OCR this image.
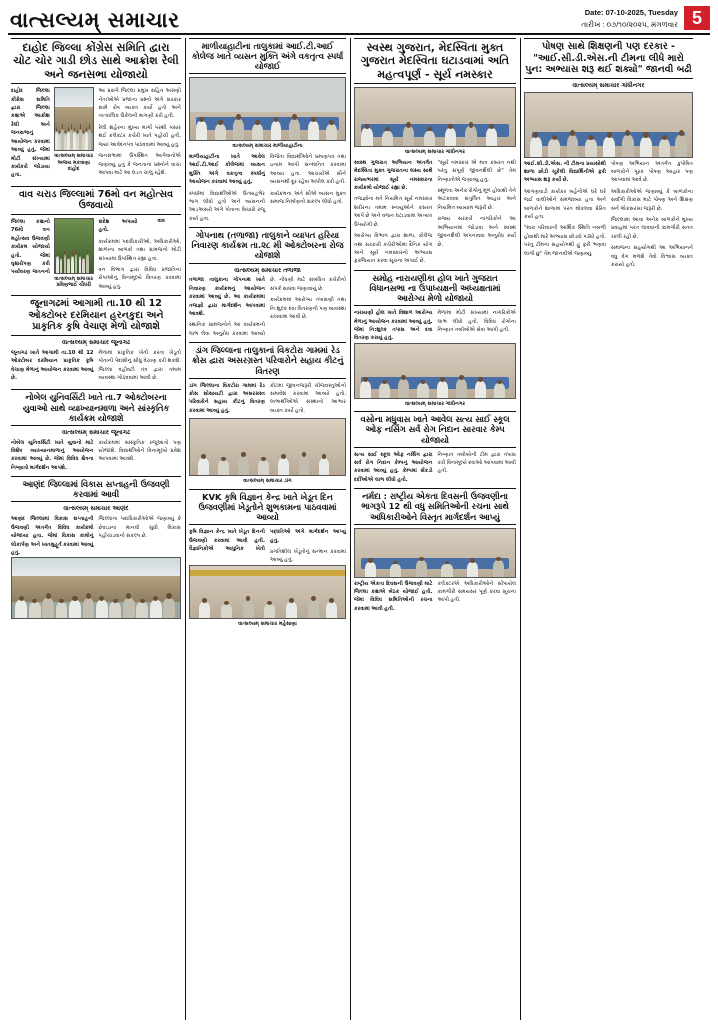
વાત્સલ્યમ્ સમાચાર	Date: 07-10-2025, Tuesday
તારીખ : ૦૭/૧૦/૨૦૨૫, મંગળવાર 5
દાહોદ જિલ્લા કોંગ્રેસ સમિતિ દ્વારા ચોટ ચોર ગાડી છોડ સાથે આક્રોશ રેલી અને જનસભા યોજાયો
વાત્સલ્યમ્ સમાચાર અજય મકવાણા દાહોદ

દાહોદ જિલ્લા કોંગ્રેસ સમિતિ દ્વારા જિલ્લા કક્ષાએ આક્રોશ રેલી અને જનસભાનું આયોજન કરવામાં આવ્યું હતું. જેમાં મોટી સંખ્યામાં કાર્યકરો જોડાયા હતા.

આ પ્રસંગે જિલ્લા પ્રમુખ સહિત અગ્રણી નેતાઓએ પ્રજાના પ્રશ્નો અંગે સરકાર સામે રોષ વ્યક્ત કર્યો હતો અને તાત્કાલિક ઉકેલની માગણી કરી હતી.

રેલી શહેરના મુખ્ય માર્ગો પરથી પસાર થઈ કલેક્ટર કચેરી ખાતે પહોંચી હતી, જ્યાં આવેદનપત્ર પાઠવવામાં આવ્યું હતું.

જનસભામાં ઉપસ્થિત આગેવાનોએ જણાવ્યું હતું કે જનતાના પ્રશ્નોને વાચા આપવા માટે આ લડત ચાલુ રહેશે.

વાવ ચરાડ જિલ્લામાં 76મો વન મહોત્સવ ઉજવાયો
વાત્સલ્યમ્ સમાચાર પ્રવિણભાઈ ચૌધરી વાવ

જિલ્લા કક્ષાનો 76મો વન મહોત્સવ ઉજવણી કાર્યક્રમ યોજાયો હતો. જેમાં વૃક્ષારોપણ કરી પર્યાવરણ જતનનો સંદેશ અપાયો હતો.

કાર્યક્રમમાં પદાધિકારીઓ, અધિકારીઓ, શાળાના બાળકો તથા ગ્રામજનો મોટી સંખ્યામાં ઉપસ્થિત રહ્યા હતા.

વન વિભાગ દ્વારા વિવિધ પ્રજાતિના રોપાઓનું વિનામૂલ્યે વિતરણ કરવામાં આવ્યું હતું.

જૂનાગઢમાં આગામી તા.10 થી 12 ઓક્ટોબર દરમિયાન હરનકુદા અને પ્રાકૃતિક કૃષિ વેચાણ મેળો યોજાશે
વાત્સલ્યમ્ સમાચાર જૂનાગઢ

જૂનાગઢ ખાતે આગામી તા.10 થી 12 ઓક્ટોબર દરમિયાન પ્રાકૃતિક કૃષિ વેચાણ મેળાનું આયોજન કરવામાં આવ્યું છે.

મેળામાં પ્રાકૃતિક ખેતી કરતા ખેડૂતો પોતાની પેદાશોનું સીધું વેચાણ કરી શકશે. જિલ્લા વહીવટી તંત્ર દ્વારા તમામ વ્યવસ્થા ગોઠવવામાં આવી છે.

નોબેલ યુનિવર્સિટી ખાતે તા.7 ઓક્ટોબરના યુવાઓ સાથે વ્યાખ્યાનમાળા અને સાંસ્કૃતિક કાર્યક્રમ યોજાશે
વાત્સલ્યમ્ સમાચાર જૂનાગઢ

નોબેલ યુનિવર્સિટી ખાતે યુવાનો માટે વિશેષ વ્યાખ્યાનમાળાનું આયોજન કરવામાં આવ્યું છે. જેમાં વિવિધ ક્ષેત્રના નિષ્ણાતો માર્ગદર્શન આપશે.

કાર્યક્રમમાં સાંસ્કૃતિક રજૂઆતો પણ યોજાશે. વિદ્યાર્થીઓને વિનામૂલ્યે પ્રવેશ આપવામાં આવશે.

આણંદ જિલ્લામાં વિકાસ સપ્તાહની ઉજવણી કરવામાં આવી
વાત્સલ્યમ્ સમાચાર આણંદ

આણંદ જિલ્લામાં વિકાસ સપ્તાહની ઉજવણી અંતર્ગત વિવિધ કાર્યક્રમો યોજાયા હતા. જેમાં વિકાસ કામોનું લોકાર્પણ અને ખાતમુહૂર્ત કરવામાં આવ્યું હતું.

જિલ્લાના પદાધિકારીઓએ જણાવ્યું કે છેવાડાના માનવી સુધી વિકાસ પહોંચાડવાનો સંકલ્પ છે.

માળીયાહાટીના તાલુકામાં આઈ.ટી.આઈ કોલેજ ખાતે વ્યસન મુક્તિ અંગે વકતૃત્વ સ્પર્ધા યોજાઈ
વાત્સલ્યમ્ સમાચાર માળીયાહાટીના

માળીયાહાટીના ખાતે આવેલ આઈ.ટી.આઈ કોલેજમાં વ્યસન મુક્તિ અંગે વકતૃત્વ સ્પર્ધાનું આયોજન કરવામાં આવ્યું હતું.

સ્પર્ધામાં વિદ્યાર્થીઓએ ઉત્સાહભેર ભાગ લીધો હતો અને વ્યસનની આડઅસરો અંગે પોતાના વિચારો રજૂ કર્યા હતા.

વિજેતા વિદ્યાર્થીઓને પ્રમાણપત્ર તથા ઇનામ આપી સન્માનિત કરવામાં આવ્યા હતા. આચાર્યએ સૌને વ્યસનથી દૂર રહેવા અપીલ કરી હતી.

કાર્યક્રમના અંતે સૌએ વ્યસન મુક્ત સમાજ નિર્માણનો સંકલ્પ લીધો હતો.

ગોપનાથ (તળાજા) તાલુકાને વ્યાપત હરિયા નિવારણ કાર્યક્રમ તા.૨૮ મી ઓક્ટોબરના રોજ યોજાશે
વાત્સલ્યમ્ સમાચાર તળાજા

તળાજા તાલુકાના ગોપનાથ ખાતે નિવારણ કાર્યક્રમનું આયોજન કરવામાં આવ્યું છે. આ કાર્યક્રમમાં તજજ્ઞો દ્વારા માર્ગદર્શન આપવામાં આવશે.

સ્થાનિક ગ્રામજનોને આ કાર્યક્રમનો લાભ લેવા અનુરોધ કરવામાં આવ્યો છે. નોંધણી માટે સંબંધિત કચેરીનો સંપર્ક સાધવા જણાવાયું છે.

કાર્યક્રમમાં આરોગ્ય તપાસણી તથા નિ:શુલ્ક દવા વિતરણની પણ વ્યવસ્થા રાખવામાં આવી છે.

ડાંગ જિલ્લાના તાલુકાનાં વિકટોરા ગામમાં રેડ ક્રોસ દ્વારા અસરગ્રસ્ત પરિવારોને સહાય કીટનું વિતરણ

ડાંગ જિલ્લાના વિકટોરા ગામમાં રેડ ક્રોસ સોસાયટી દ્વારા અસરગ્રસ્ત પરિવારોને સહાય કીટનું વિતરણ કરવામાં આવ્યું હતું.

કીટમાં જીવનજરૂરી ચીજવસ્તુઓનો સમાવેશ કરવામાં આવ્યો હતો. લાભાર્થીઓએ સંસ્થાનો આભાર વ્યક્ત કર્યો હતો.

વાત્સલ્યમ્ સમાચાર ડાંગ
KVK કૃષિ વિજ્ઞાન કેન્દ્ર ખાતે ખેડૂત દિન ઉજવણીમાં ખેડૂતોને શુભકામના પાઠવવામાં આવ્યો

કૃષિ વિજ્ઞાન કેન્દ્ર ખાતે ખેડૂત દિનની ઉજવણી કરવામાં આવી હતી. વૈજ્ઞાનિકોએ આધુનિક ખેતી પદ્ધતિઓ અંગે માર્ગદર્શન આપ્યું હતું.

પ્રગતિશીલ ખેડૂતોનું સન્માન કરવામાં આવ્યું હતું.

વાત્સલ્યમ્ સમાચાર મહેસાણા
સ્વસ્થ ગુજરાત, મેદસ્વિતા મુક્ત ગુજરાત મેદસ્વિતા ઘટાડવામાં અતિ મહત્વપૂર્ણ - સૂર્ય નમસ્કાર
વાત્સલ્યમ્ સમાચાર ગાંધીનગર

સ્વસ્થ ગુજરાત અભિયાન અંતર્ગત મેદસ્વિતા મુક્ત ગુજરાતના લક્ષ્ય સાથે રાજ્યભરમાં સૂર્ય નમસ્કારના કાર્યક્રમો યોજાઈ રહ્યા છે.

તજજ્ઞોના મતે નિયમિત સૂર્ય નમસ્કાર શરીરના તમામ સ્નાયુઓને કસરત આપે છે અને વજન ઘટાડવામાં અત્યંત ઉપયોગી છે.

આરોગ્ય વિભાગ દ્વારા શાળા, કોલેજ તથા સરકારી કચેરીઓમાં દૈનિક યોગ અને સૂર્ય નમસ્કારનો અભ્યાસ ફરજિયાત કરવા સૂચના અપાઈ છે.

"સૂર્ય નમસ્કાર એ માત્ર કસરત નથી પરંતુ સંપૂર્ણ જીવનશૈલી છે" તેમ નિષ્ણાતોએ જણાવ્યું હતું.

સ્થૂળતા અનેક રોગોનું મૂળ હોવાથી તેને અટકાવવા સંતુલિત આહાર અને નિયમિત વ્યાયામ જરૂરી છે.

રાજ્ય સરકારે નાગરિકોને આ અભિયાનમાં જોડાવા અને સ્વસ્થ જીવનશૈલી અપનાવવા અનુરોધ કર્યો છે.

સમોહ નારાયણીકા હોલ ખાતે ગુજરાત વિધાનસભા ના ઉપાધ્યક્ષની અધ્યક્ષતામાં આરોગ્ય મેળો યોજાયો

નારાયણી હોલ ખાતે વિશાળ આરોગ્ય મેળાનું આયોજન કરવામાં આવ્યું હતું. જેમાં નિ:શુલ્ક તપાસ અને દવા વિતરણ કરાયું હતું.

મેળામાં મોટી સંખ્યામાં નાગરિકોએ લાભ લીધો હતો. વિવિધ રોગોના નિષ્ણાત તબીબોએ સેવા આપી હતી.

વાત્સલ્યમ્ સમાચાર ગાંધીનગર
વસોના મધુવાસ ખાતે આવેલ સત્ય સાઈ સ્કૂલ ઓફ નર્સિંગ સર્વ રોગ નિદાન સારવાર કેમ્પ યોજાયો

સત્ય સાઈ સ્કૂલ ઓફ નર્સિંગ દ્વારા સર્વ રોગ નિદાન કેમ્પનું આયોજન કરવામાં આવ્યું હતું. કેમ્પમાં સેંકડો દર્દીઓએ લાભ લીધો હતો.

નિષ્ણાત તબીબોની ટીમ દ્વારા તપાસ કરી વિનામૂલ્યે દવાઓ આપવામાં આવી હતી.

નર્મદા : રાષ્ટ્રીય એકતા દિવસની ઉજવણીના ભાગરૂપે 12 થી વધુ સમિતિઓની રચના સાથે અધિકારીઓને વિસ્તૃત માર્ગદર્શન આપ્યું

રાષ્ટ્રીય એકતા દિવસની ઉજવણી માટે જિલ્લા કક્ષાએ બેઠક યોજાઈ હતી. જેમાં વિવિધ સમિતિઓની રચના કરવામાં આવી હતી.

કલેક્ટરએ અધિકારીઓને સોંપાયેલ કામગીરી સમયસર પૂર્ણ કરવા સૂચના આપી હતી.

પોષણ સાથે શિક્ષણની પણ દરકાર - "આઈ.સી.ડી.એસ.ની ટીમના લીધે મારો પુન: અભ્યાસ શરૂ થઈ શક્યો" જાનવી બઢી
વાત્સલ્યમ્ સમાચાર ગાંધીનગર

આઈ.સી.ડી.એસ. ની ટીમના પ્રયાસોથી શાળા છોડી ચૂકેલી વિદ્યાર્થિનીએ ફરી અભ્યાસ શરૂ કર્યો છે.

આંગણવાડી કાર્યકર બહેનોએ ઘરે ઘરે જઈ વાલીઓને સમજાવ્યા હતા અને બાળકોને શાળામાં પરત મોકલવા પ્રેરિત કર્યા હતા.

"મારા પરિવારની આર્થિક સ્થિતિ નબળી હોવાથી મારે અભ્યાસ છોડવો પડ્યો હતો. પરંતુ ટીમના સહયોગથી હું ફરી ભણવા લાગી છું" તેમ જાનવીએ જણાવ્યું.

પોષણ અભિયાન અંતર્ગત કુપોષિત બાળકોને પૂરક પોષણ આહાર પણ આપવામાં આવે છે.

અધિકારીઓએ જણાવ્યું કે બાળકોના સર્વાંગી વિકાસ માટે પોષણ અને શિક્ષણ બંને એકસરખા જરૂરી છે.

જિલ્લામાં આવા અનેક બાળકોને મુખ્ય પ્રવાહમાં પરત લાવવાની કામગીરી સતત ચાલી રહી છે.

સમાજના સહયોગથી આ અભિયાનને વધુ વેગ મળશે તેવો વિશ્વાસ વ્યક્ત કરાયો હતો.
